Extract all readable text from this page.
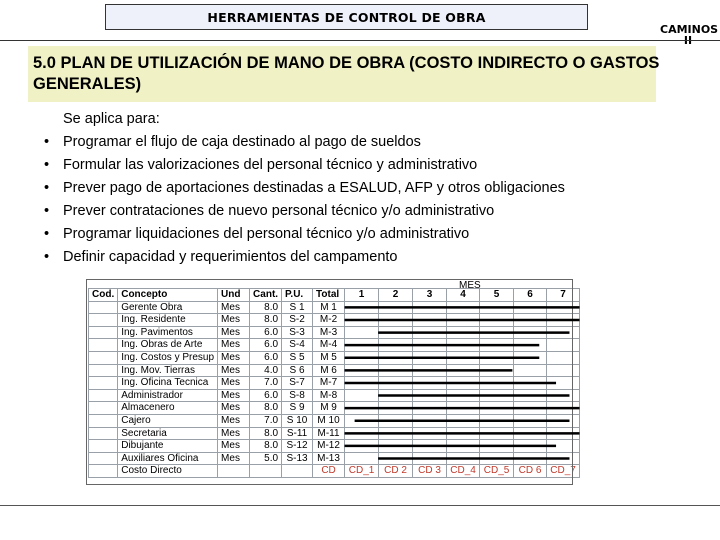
HERRAMIENTAS DE CONTROL DE OBRA
CAMINOS
5.0 PLAN DE UTILIZACIÓN DE MANO DE OBRA (COSTO INDIRECTO O GASTOS GENERALES)
Se aplica para:
• Programar el flujo de caja destinado al pago de sueldos
• Formular las valorizaciones del personal técnico y administrativo
• Prever pago de aportaciones destinadas a ESALUD, AFP y otros obligaciones
• Prever contrataciones de nuevo personal técnico y/o administrativo
• Programar liquidaciones del personal técnico y/o administrativo
• Definir capacidad y requerimientos del campamento
MES
Cod.	Concepto	Und	Cant.	P.U.	Total	1	2	3	4	5	6	7
	Gerente Obra	Mes	8.0	S 1	M 1							
	Ing. Residente	Mes	8.0	S-2	M-2							
	Ing. Pavimentos	Mes	6.0	S-3	M-3							
	Ing. Obras de Arte	Mes	6.0	S-4	M-4							
	Ing. Costos y Presup	Mes	6.0	S 5	M 5							
	Ing. Mov. Tierras	Mes	4.0	S 6	M 6							
	Ing. Oficina Tecnica	Mes	7.0	S-7	M-7							
	Administrador	Mes	6.0	S-8	M-8							
	Almacenero	Mes	8.0	S 9	M 9							
	Cajero	Mes	7.0	S 10	M 10							
	Secretaria	Mes	8.0	S-11	M-11							
	Dibujante	Mes	8.0	S-12	M-12							
	Auxiliares Oficina	Mes	5.0	S-13	M-13							
	Costo Directo				CD	CD_1	CD 2	CD 3	CD_4	CD_5	CD 6	CD_7
